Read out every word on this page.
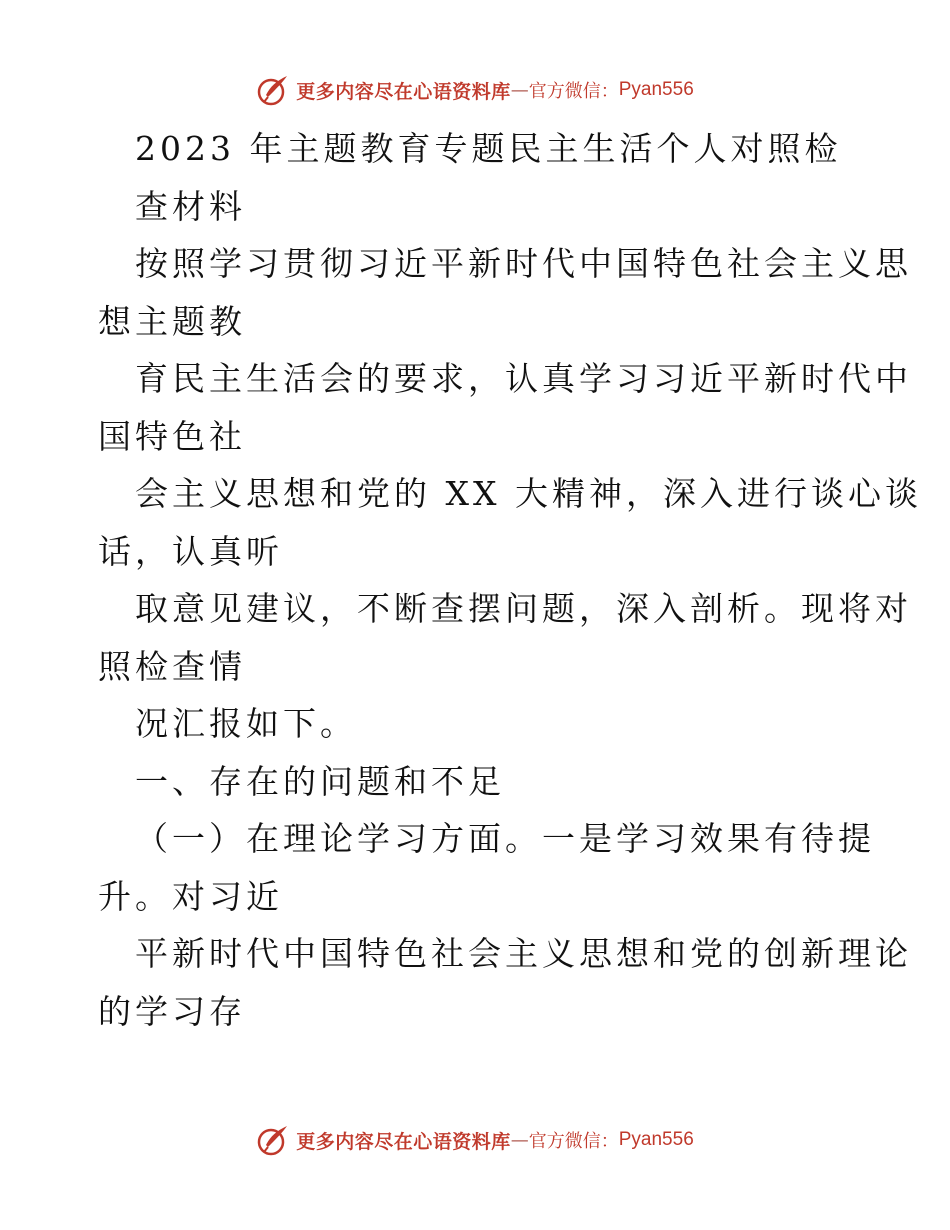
更多内容尽在心语资料库 — 官方微信： Pyan556
2023 年主题教育专题民主生活个人对照检
查材料
按照学习贯彻习近平新时代中国特色社会主义思
想主题教
育民主生活会的要求，认真学习习近平新时代中
国特色社
会主义思想和党的 XX 大精神，深入进行谈心谈
话，认真听
取意见建议，不断查摆问题，深入剖析。现将对
照检查情
况汇报如下。
一、存在的问题和不足
（一）在理论学习方面。一是学习效果有待提
升。对习近
平新时代中国特色社会主义思想和党的创新理论
的学习存
更多内容尽在心语资料库 — 官方微信： Pyan556
